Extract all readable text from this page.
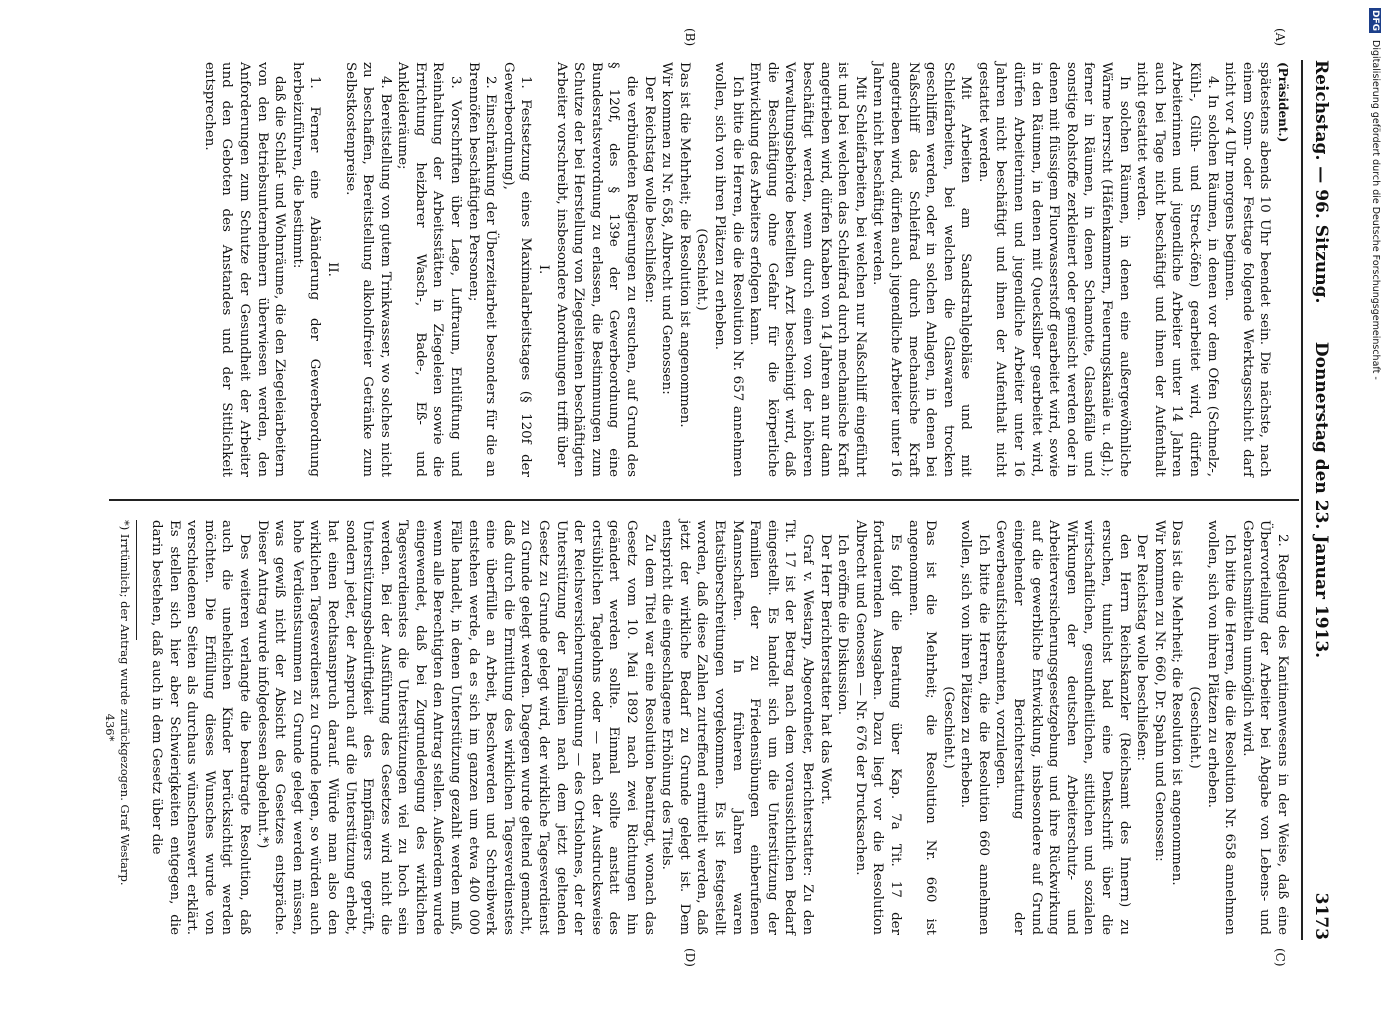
Reichstag. — 96. Sitzung.
Donnerstag den 23. Januar 1913.
3173
(A)
(B)
(C)
(D)

(Präsident.)

spätestens abends 10 Uhr beendet sein. Die nächste, nach einem Sonn- oder Festtage folgende Werktagsschicht darf nicht vor 4 Uhr morgens beginnen.

4. In solchen Räumen, in denen vor dem Ofen (Schmelz-, Kühl-, Glüh- und Streck-öfen) gearbeitet wird, dürfen Arbeiterinnen und jugendliche Arbeiter unter 14 Jahren auch bei Tage nicht beschäftigt und ihnen der Aufenthalt nicht gestattet werden.

In solchen Räumen, in denen eine außergewöhnliche Wärme herrscht (Häfenkammern, Feuerungskanäle u. dgl.); ferner in Räumen, in denen Schamotte, Glasabfälle und sonstige Rohstoffe zerkleinert oder gemischt werden oder in denen mit flüssigem Fluorwasserstoff gearbeitet wird, sowie in den Räumen, in denen mit Quecksilber gearbeitet wird, dürfen Arbeiterinnen und jugendliche Arbeiter unter 16 Jahren nicht beschäftigt und ihnen der Aufenthalt nicht gestattet werden.

Mit Arbeiten am Sandstrahlgebläse und mit Schleifarbeiten, bei welchen die Glaswaren trocken geschliffen werden, oder in solchen Anlagen, in denen bei Naßschliff das Schleifrad durch mechanische Kraft angetrieben wird, dürfen auch jugendliche Arbeiter unter 16 Jahren nicht beschäftigt werden.

Mit Schleifarbeiten, bei welchen nur Naßschliff eingeführt ist und bei welchen das Schleifrad durch mechanische Kraft angetrieben wird, dürfen Knaben von 14 Jahren an nur dann beschäftigt werden, wenn durch einen von der höheren Verwaltungsbehörde bestellten Arzt bescheinigt wird, daß die Beschäftigung ohne Gefahr für die körperliche Entwicklung des Arbeiters erfolgen kann.

Ich bitte die Herren, die die Resolution Nr. 657 annehmen wollen, sich von ihren Plätzen zu erheben.

(Geschieht.)

Das ist die Mehrheit; die Resolution ist angenommen.

Wir kommen zu Nr. 658, Albrecht und Genossen:

Der Reichstag wolle beschließen:

die verbündeten Regierungen zu ersuchen, auf Grund des § 120f, des § 139e der Gewerbeordnung eine Bundesratsverordnung zu erlassen, die Bestimmungen zum Schutze der bei Herstellung von Ziegelsteinen beschäftigten Arbeiter vorschreibt, insbesondere Anordnungen trifft über

I.

1. Festsetzung eines Maximalarbeitstages (§ 120f der Gewerbeordnung),

2. Einschränkung der Überzeitarbeit besonders für die an Brennöfen beschäftigten Personen;

3. Vorschriften über Lage, Luftraum, Entlüftung und Reinhaltung der Arbeitsstätten in Ziegeleien sowie die Errichtung heizbarer Wasch-, Bade-, Eß- und Ankleideräume;

4. Bereitstellung von gutem Trinkwasser, wo solches nicht zu beschaffen, Bereitstellung alkoholfreier Getränke zum Selbstkostenpreise.

II.

1. Ferner eine Abänderung der Gewerbeordnung herbeizuführen, die bestimmt:

daß die Schlaf- und Wohnräume, die den Ziegeleiarbeitern von den Betriebsunternehmern überwiesen werden, den Anforderungen zum Schutze der Gesundheit der Arbeiter und den Geboten des Anstandes und der Sittlichkeit entsprechen.

2. Regelung des Kantinenwesens in der Weise, daß eine Übervorteilung der Arbeiter bei Abgabe von Lebens- und Gebrauchsmitteln unmöglich wird.

Ich bitte die Herren, die die Resolution Nr. 658 annehmen wollen, sich von ihren Plätzen zu erheben.

(Geschieht.)

Das ist die Mehrheit; die Resolution ist angenommen.

Wir kommen zu Nr. 660, Dr. Spahn und Genossen:

Der Reichstag wolle beschließen:

den Herrn Reichskanzler (Reichsamt des Innern) zu ersuchen, tunlichst bald eine Denkschrift über die wirtschaftlichen, gesundheitlichen, sittlichen und sozialen Wirkungen der deutschen Arbeiterschutz- und Arbeiterversicherungsgesetzgebung und ihre Rückwirkung auf die gewerbliche Entwicklung, insbesondere auf Grund eingehender Berichterstattung der Gewerbeaufsichtsbeamten, vorzulegen.

Ich bitte die Herren, die die Resolution 660 annehmen wollen, sich von ihren Plätzen zu erheben.

(Geschieht.)

Das ist die Mehrheit; die Resolution Nr. 660 ist angenommen.

Es folgt die Beratung über Kap. 7a Tit. 17 der fortdauernden Ausgaben. Dazu liegt vor die Resolution Albrecht und Genossen — Nr. 676 der Drucksachen.

Ich eröffne die Diskussion.

Der Herr Berichterstatter hat das Wort.

Graf v. Westarp, Abgeordneter, Berichterstatter: Zu den Tit. 17 ist der Betrag nach dem voraussichtlichen Bedarf eingestellt. Es handelt sich um die Unterstützung der Familien der zu Friedensübungen einberufenen Mannschaften. In früheren Jahren waren Etatsüberschreitungen vorgekommen. Es ist festgestellt worden, daß diese Zahlen zutreffend ermittelt werden, daß jetzt der wirkliche Bedarf zu Grunde gelegt ist. Dem entspricht die eingeschlagene Erhöhung des Titels.

Zu dem Titel war eine Resolution beantragt, wonach das Gesetz vom 10. Mai 1892 nach zwei Richtungen hin geändert werden sollte. Einmal sollte anstatt des ortsüblichen Tagelohns oder — nach der Ausdrucksweise der Reichsversicherungsordnung — des Ortslohnes, der der Unterstützung der Familien nach dem jetzt geltenden Gesetz zu Grunde gelegt wird, der wirkliche Tagesverdienst zu Grunde gelegt werden. Dagegen wurde geltend gemacht, daß durch die Ermittlung des wirklichen Tagesverdienstes eine überfülle an Arbeit, Beschwerden und Schreibwerk entstehen werde, da es sich im ganzen um etwa 400 000 Fälle handelt, in denen Unterstützung gezahlt werden muß, wenn alle Berechtigten den Antrag stellen. Außerdem wurde eingewendet, daß bei Zugrundelegung des wirklichen Tagesverdienstes die Unterstützungen viel zu hoch sein werden. Bei der Ausführung des Gesetzes wird nicht die Unterstützungsbedürftigkeit des Empfängers geprüft, sondern jeder, der Anspruch auf die Unterstützung erhebt, hat einen Rechtsanspruch darauf. Würde man also den wirklichen Tagesverdienst zu Grunde legen, so würden auch hohe Verdienstsummen zu Grunde gelegt werden müssen, was gewiß nicht der Absicht des Gesetzes entspräche. Dieser Antrag wurde infolgedessen abgelehnt.*)

Des weiteren verlangte die beantragte Resolution, daß auch die unehelichen Kinder berücksichtigt werden möchten. Die Erfüllung dieses Wunsches wurde von verschiedenen Seiten als durchaus wünschenswert erklärt. Es stellen sich hier aber Schwierigkeiten entgegen, die darin bestehen, daß auch in dem Gesetz über die

*) Irrtümlich; der Antrag wurde zurückgezogen. Graf Westarp.

436*

DFG
Digitalisierung gefördert durch die Deutsche Forschungsgemeinschaft -
